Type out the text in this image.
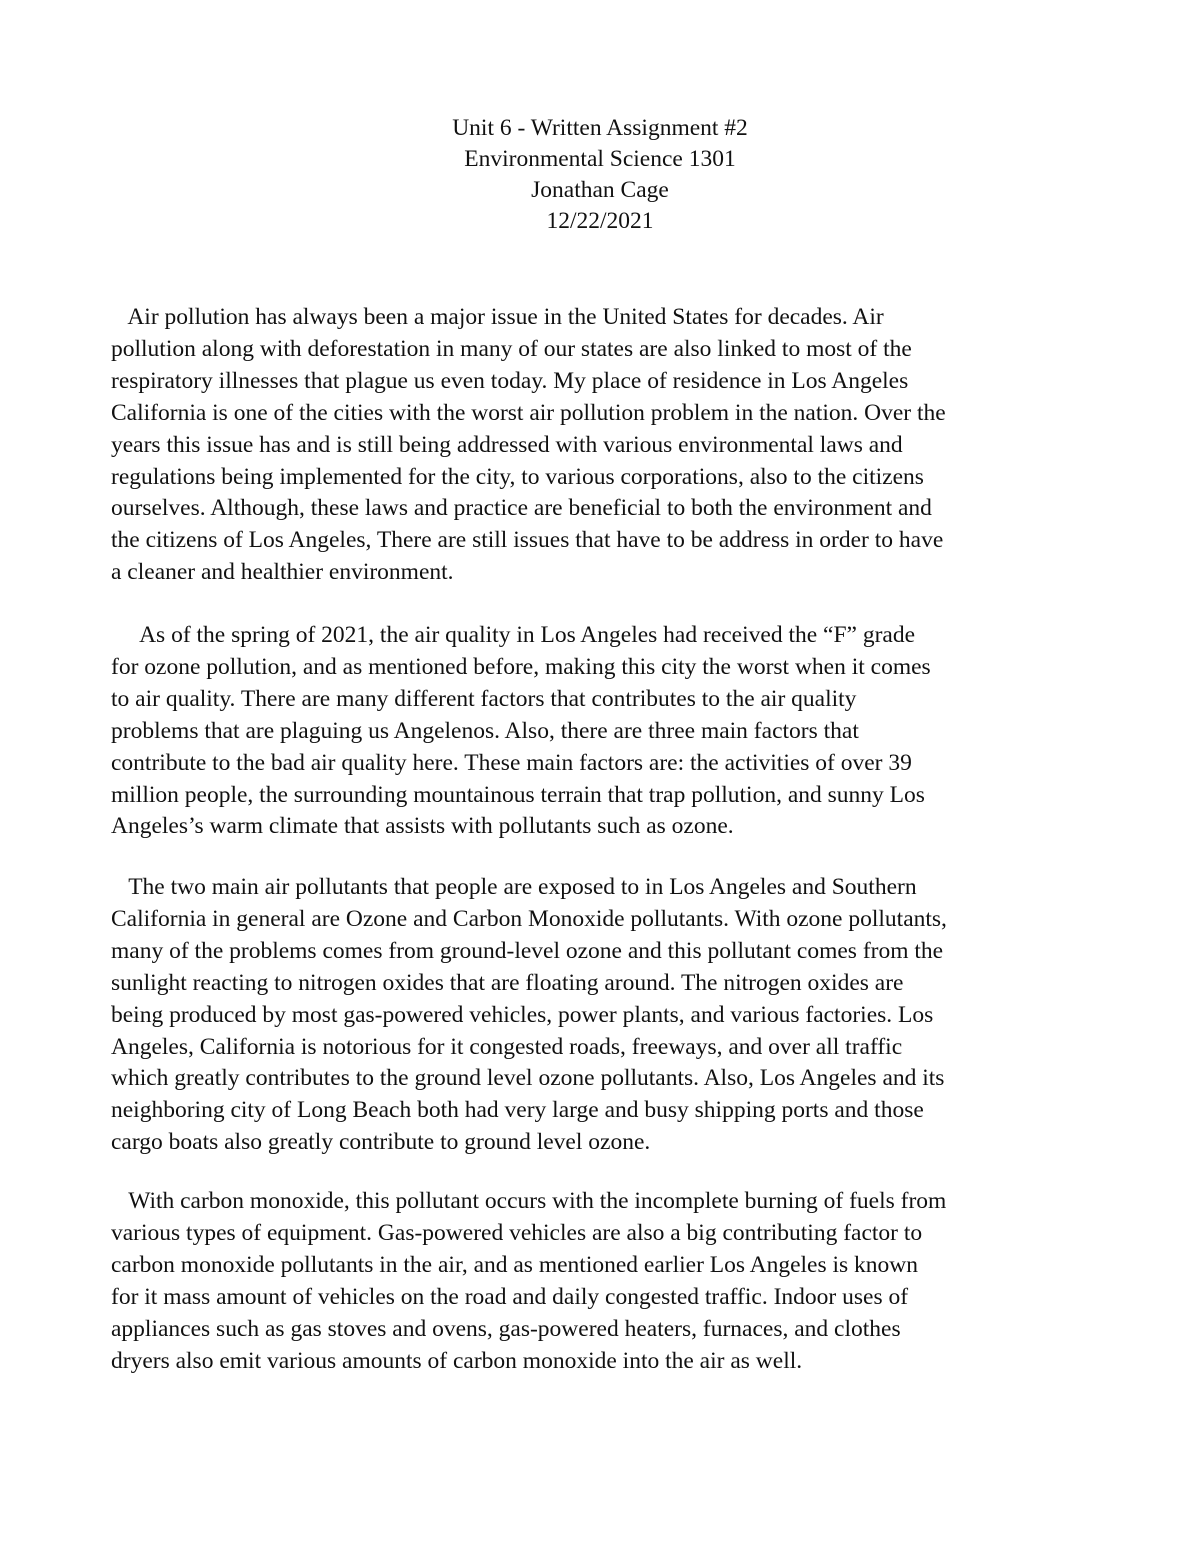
Unit 6 - Written Assignment #2
Environmental Science 1301
Jonathan Cage
12/22/2021
Air pollution has always been a major issue in the United States for decades. Air
pollution along with deforestation in many of our states are also linked to most of the
respiratory illnesses that plague us even today. My place of residence in Los Angeles
California is one of the cities with the worst air pollution problem in the nation. Over the
years this issue has and is still being addressed with various environmental laws and
regulations being implemented for the city, to various corporations, also to the citizens
ourselves. Although, these laws and practice are beneficial to both the environment and
the citizens of Los Angeles, There are still issues that have to be address in order to have
a cleaner and healthier environment.
As of the spring of 2021, the air quality in Los Angeles had received the “F” grade
for ozone pollution, and as mentioned before, making this city the worst when it comes
to air quality. There are many different factors that contributes to the air quality
problems that are plaguing us Angelenos. Also, there are three main factors that
contribute to the bad air quality here. These main factors are: the activities of over 39
million people, the surrounding mountainous terrain that trap pollution, and sunny Los
Angeles’s warm climate that assists with pollutants such as ozone.
The two main air pollutants that people are exposed to in Los Angeles and Southern
California in general are Ozone and Carbon Monoxide pollutants. With ozone pollutants,
many of the problems comes from ground-level ozone and this pollutant comes from the
sunlight reacting to nitrogen oxides that are floating around. The nitrogen oxides are
being produced by most gas-powered vehicles, power plants, and various factories. Los
Angeles, California is notorious for it congested roads, freeways, and over all traffic
which greatly contributes to the ground level ozone pollutants. Also, Los Angeles and its
neighboring city of Long Beach both had very large and busy shipping ports and those
cargo boats also greatly contribute to ground level ozone.
With carbon monoxide, this pollutant occurs with the incomplete burning of fuels from
various types of equipment. Gas-powered vehicles are also a big contributing factor to
carbon monoxide pollutants in the air, and as mentioned earlier Los Angeles is known
for it mass amount of vehicles on the road and daily congested traffic. Indoor uses of
appliances such as gas stoves and ovens, gas-powered heaters, furnaces, and clothes
dryers also emit various amounts of carbon monoxide into the air as well.
